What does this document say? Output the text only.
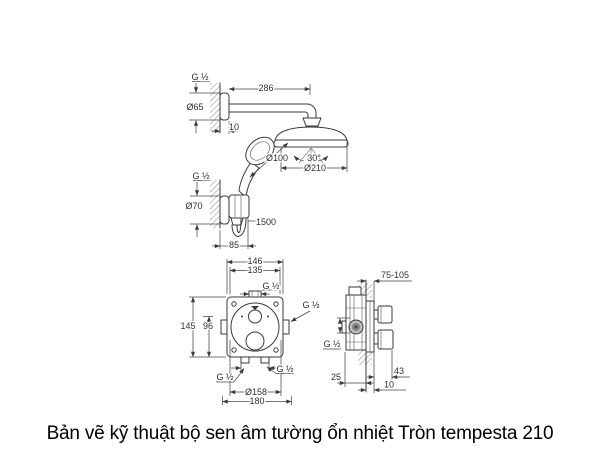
G ½
Ø65
286
10
Ø100 30°
Ø210
G ½
Ø70
1500
85
146
135
G ½
G ½
145 96
G ½
G ½
Ø158
180
75-105
G ½
25
43
10
Bản vẽ kỹ thuật bộ sen âm tường ổn nhiệt Tròn tempesta 210
